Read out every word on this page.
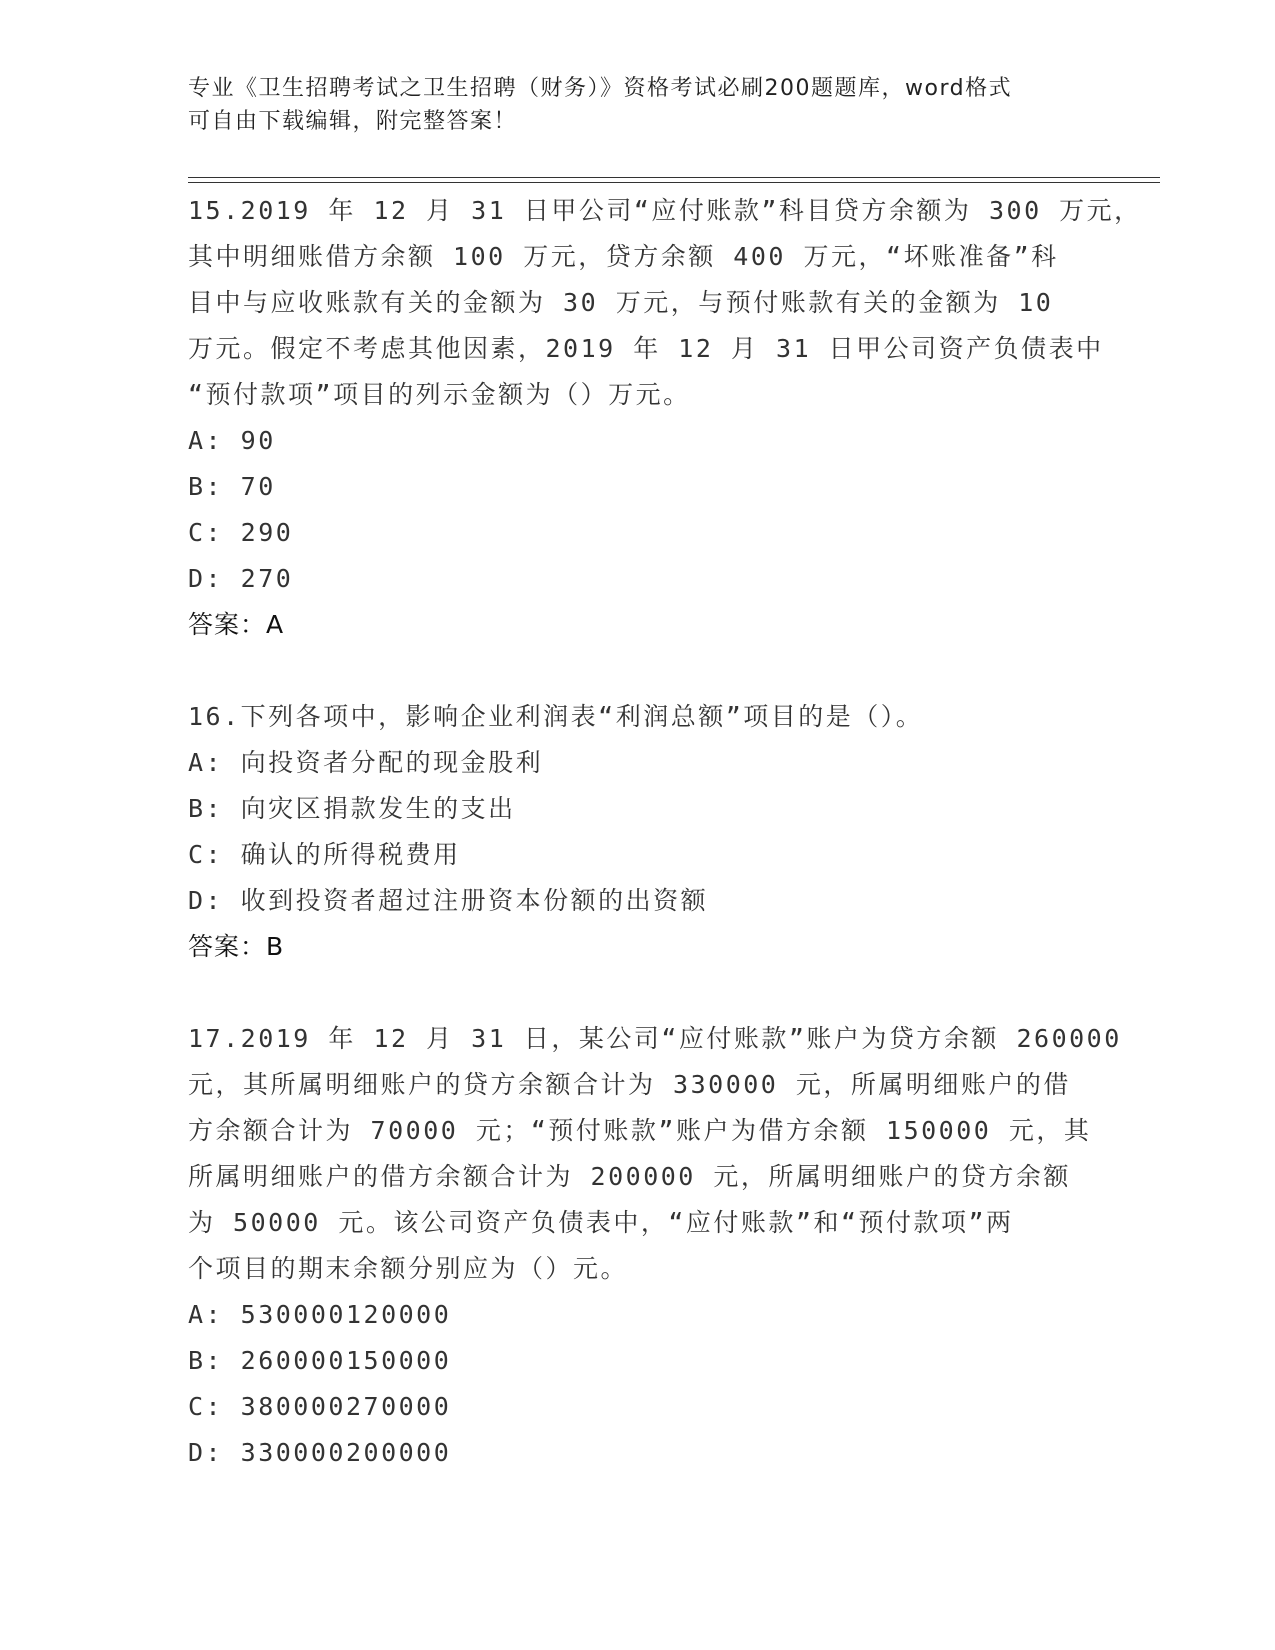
专业《卫生招聘考试之卫生招聘（财务）》资格考试必刷200题题库，word格式
可自由下载编辑，附完整答案！
15.2019 年 12 月 31 日甲公司“应付账款”科目贷方余额为 300 万元，
其中明细账借方余额 100 万元，贷方余额 400 万元，“坏账准备”科
目中与应收账款有关的金额为 30 万元，与预付账款有关的金额为 10
万元。假定不考虑其他因素，2019 年 12 月 31 日甲公司资产负债表中
“预付款项”项目的列示金额为（）万元。
A: 90
B: 70
C: 290
D: 270
答案：A
16.下列各项中，影响企业利润表“利润总额”项目的是（）。
A: 向投资者分配的现金股利
B: 向灾区捐款发生的支出
C: 确认的所得税费用
D: 收到投资者超过注册资本份额的出资额
答案：B
17.2019 年 12 月 31 日，某公司“应付账款”账户为贷方余额 260000
元，其所属明细账户的贷方余额合计为 330000 元，所属明细账户的借
方余额合计为 70000 元；“预付账款”账户为借方余额 150000 元，其
所属明细账户的借方余额合计为 200000 元，所属明细账户的贷方余额
为 50000 元。该公司资产负债表中，“应付账款”和“预付款项”两
个项目的期末余额分别应为（）元。
A: 530000120000
B: 260000150000
C: 380000270000
D: 330000200000
